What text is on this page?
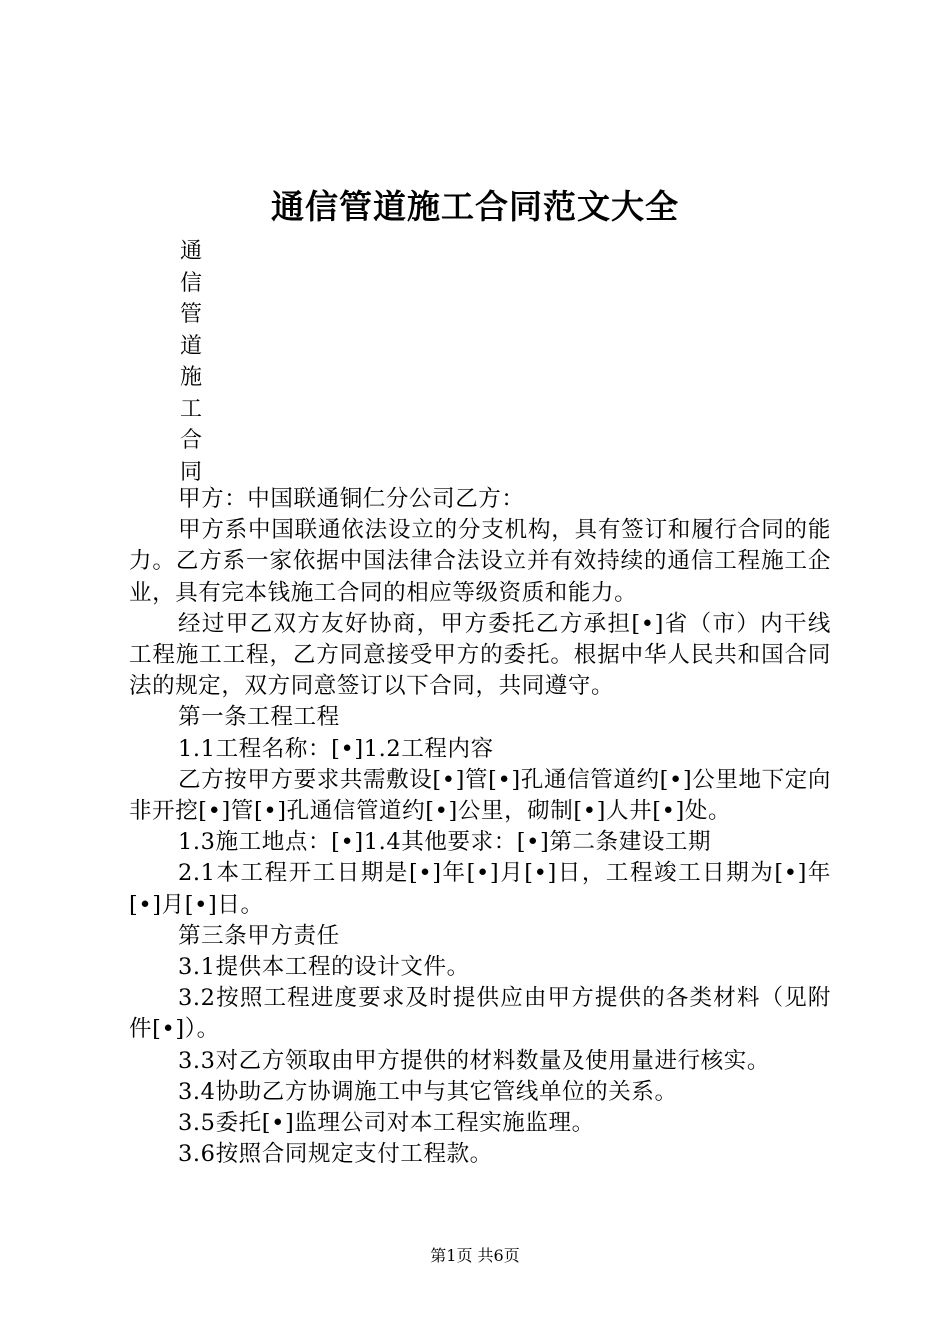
通信管道施工合同范文大全
通
信
管
道
施
工
合
同

甲方：中国联通铜仁分公司乙方：

甲方系中国联通依法设立的分支机构，具有签订和履行合同的能力。乙方系一家依据中国法律合法设立并有效持续的通信工程施工企业，具有完本钱施工合同的相应等级资质和能力。

经过甲乙双方友好协商，甲方委托乙方承担[•]省（市）内干线工程施工工程，乙方同意接受甲方的委托。根据中华人民共和国合同法的规定，双方同意签订以下合同，共同遵守。

第一条工程工程

1.1工程名称：[•]1.2工程内容

乙方按甲方要求共需敷设[•]管[•]孔通信管道约[•]公里地下定向非开挖[•]管[•]孔通信管道约[•]公里，砌制[•]人井[•]处。

1.3施工地点：[•]1.4其他要求：[•]第二条建设工期

2.1本工程开工日期是[•]年[•]月[•]日，工程竣工日期为[•]年[•]月[•]日。

第三条甲方责任

3.1提供本工程的设计文件。

3.2按照工程进度要求及时提供应由甲方提供的各类材料（见附件[•]）。

3.3对乙方领取由甲方提供的材料数量及使用量进行核实。

3.4协助乙方协调施工中与其它管线单位的关系。

3.5委托[•]监理公司对本工程实施监理。

3.6按照合同规定支付工程款。

第1页 共6页
